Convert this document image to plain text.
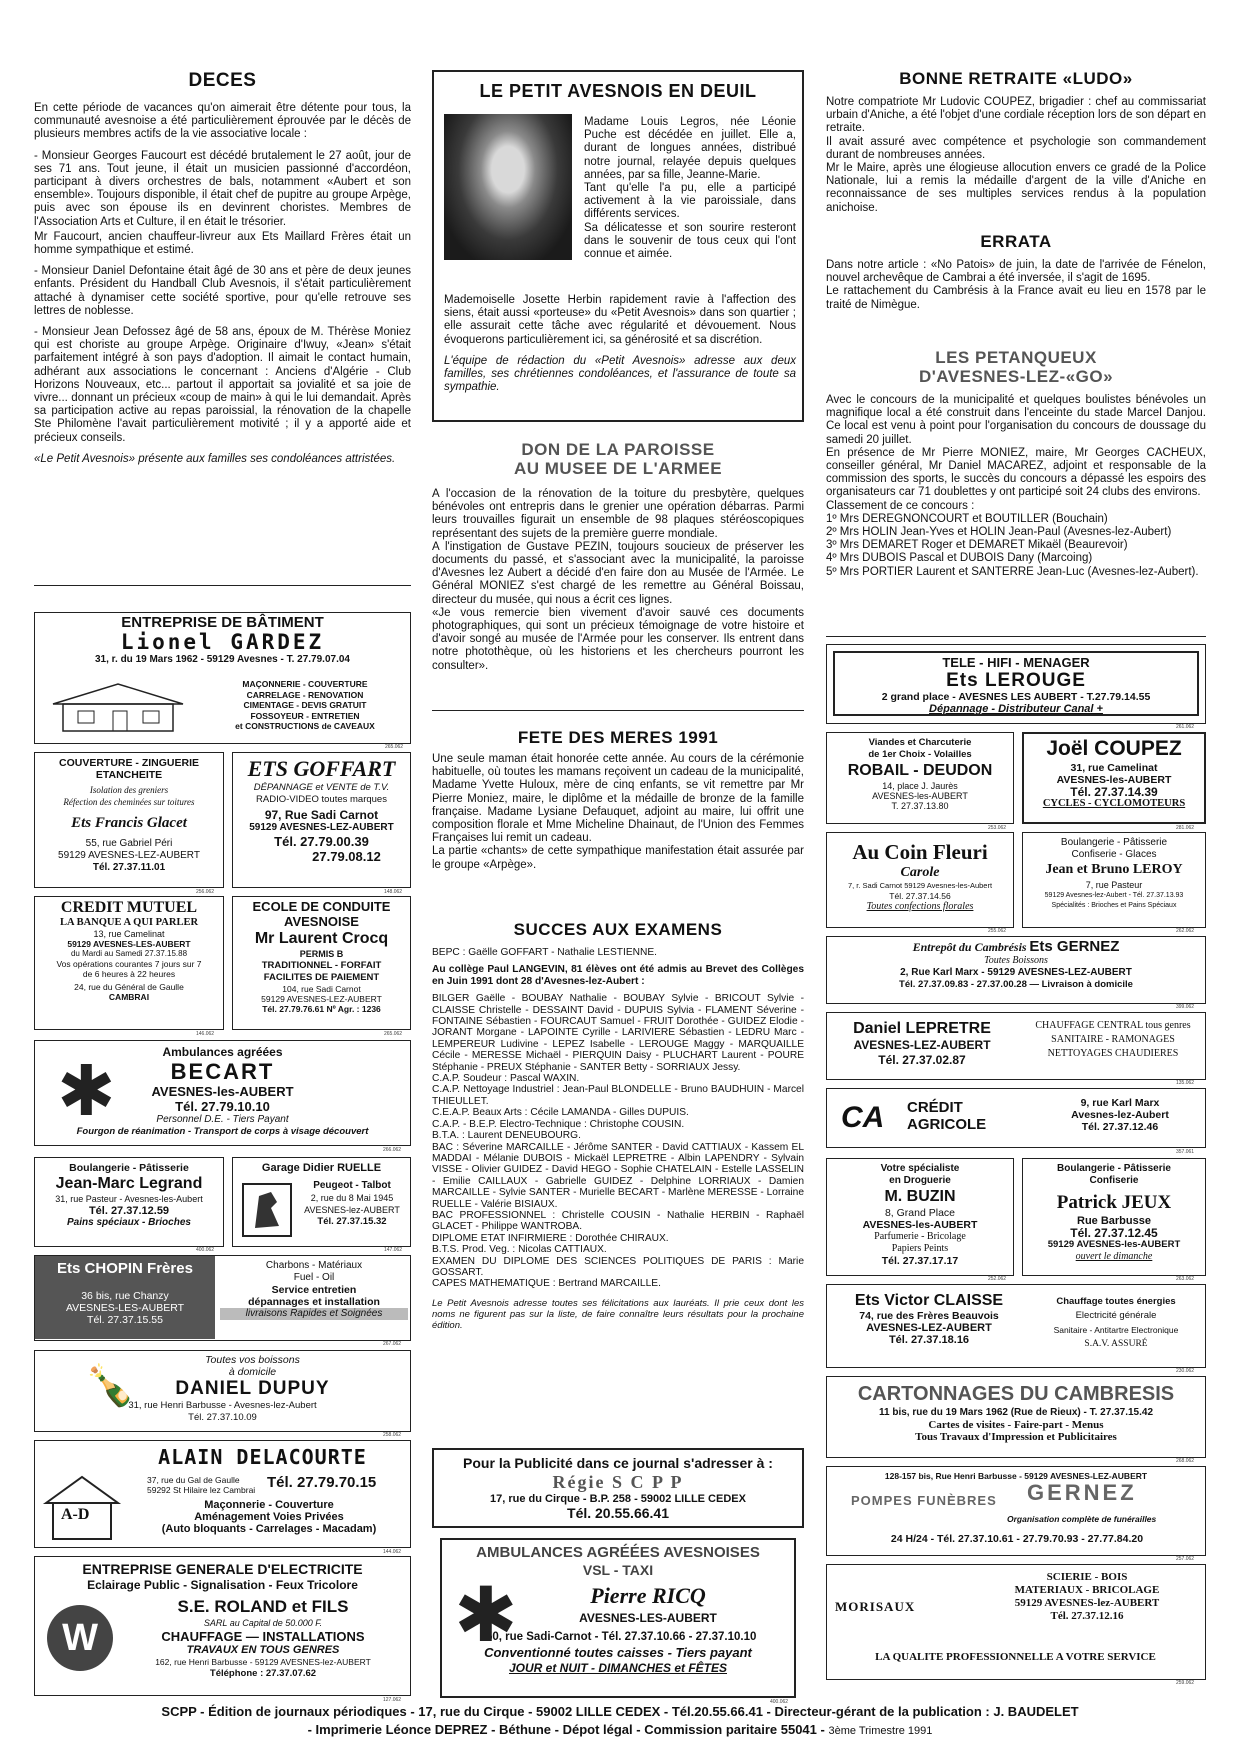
DECES

En cette période de vacances qu'on aimerait être détente pour tous, la communauté avesnoise a été particulièrement éprouvée par le décès de plusieurs membres actifs de la vie associative locale :

- Monsieur Georges Faucourt est décédé brutalement le 27 août, jour de ses 71 ans. Tout jeune, il était un musicien passionné d'accordéon, participant à divers orchestres de bals, notamment «Aubert et son ensemble». Toujours disponible, il était chef de pupitre au groupe Arpège, puis avec son épouse ils en devinrent choristes. Membres de l'Association Arts et Culture, il en était le trésorier.

Mr Faucourt, ancien chauffeur-livreur aux Ets Maillard Frères était un homme sympathique et estimé.

- Monsieur Daniel Defontaine était âgé de 30 ans et père de deux jeunes enfants. Président du Handball Club Avesnois, il s'était particulièrement attaché à dynamiser cette société sportive, pour qu'elle retrouve ses lettres de noblesse.

- Monsieur Jean Defossez âgé de 58 ans, époux de M. Thérèse Moniez qui est choriste au groupe Arpège. Originaire d'Iwuy, «Jean» s'était parfaitement intégré à son pays d'adoption. Il aimait le contact humain, adhérant aux associations le concernant : Anciens d'Algérie - Club Horizons Nouveaux, etc... partout il apportait sa jovialité et sa joie de vivre... donnant un précieux «coup de main» à qui le lui demandait. Après sa participation active au repas paroissial, la rénovation de la chapelle Ste Philomène l'avait particulièrement motivité ; il y a apporté aide et précieux conseils.

«Le Petit Avesnois» présente aux familles ses condoléances attristées.

ENTREPRISE DE BÂTIMENT
Lionel GARDEZ
31, r. du 19 Mars 1962 - 59129 Avesnes - T. 27.79.07.04
MAÇONNERIE - COUVERTURE
CARRELAGE - RENOVATION
CIMENTAGE - DEVIS GRATUIT
FOSSOYEUR - ENTRETIEN
et CONSTRUCTIONS de CAVEAUX
265.062
COUVERTURE - ZINGUERIE
ETANCHEITE
Isolation des greniers
Réfection des cheminées sur toitures
Ets Francis Glacet
55, rue Gabriel Péri
59129 AVESNES-LEZ-AUBERT
Tél. 27.37.11.01
256.062
ETS GOFFART
DÉPANNAGE et VENTE de T.V.
RADIO-VIDEO toutes marques
97, Rue Sadi Carnot
59129 AVESNES-LEZ-AUBERT
Tél. 27.79.00.39
27.79.08.12
148.062
CREDIT MUTUEL
LA BANQUE A QUI PARLER
13, rue Camelinat
59129 AVESNES-LES-AUBERT
du Mardi au Samedi 27.37.15.88
Vos opérations courantes 7 jours sur 7
de 6 heures à 22 heures
24, rue du Général de Gaulle
CAMBRAI
146.062
ECOLE DE CONDUITE
AVESNOISE
Mr Laurent Crocq
PERMIS B
TRADITIONNEL - FORFAIT
FACILITES DE PAIEMENT
104, rue Sadi Carnot
59129 AVESNES-LEZ-AUBERT
Tél. 27.79.76.61 Nº Agr. : 1236
265.062
✱	Ambulances agréées
BECART
AVESNES-les-AUBERT
Tél. 27.79.10.10
Personnel D.E. - Tiers Payant
Fourgon de réanimation - Transport de corps à visage découvert
266.062
Boulangerie - Pâtisserie
Jean-Marc Legrand
31, rue Pasteur - Avesnes-les-Aubert
Tél. 27.37.12.59
Pains spéciaux - Brioches
400.062
Garage Didier RUELLE
Peugeot - Talbot
2, rue du 8 Mai 1945
AVESNES-lez-AUBERT
Tél. 27.37.15.32
147.062
Ets CHOPIN Frères
36 bis, rue Chanzy
AVESNES-LES-AUBERT
Tél. 27.37.15.55
Charbons - Matériaux
Fuel - Oil
Service entretien
dépannages et installation
livraisons Rapides et Soignées
267.062
🍾
Toutes vos boissons
à domicile
DANIEL DUPUY
31, rue Henri Barbusse - Avesnes-lez-Aubert
Tél. 27.37.10.09
258.062
ALAIN DELACOURTE
A-D
37, rue du Gal de Gaulle
59292 St Hilaire lez Cambrai Tél. 27.79.70.15
Maçonnerie - Couverture
Aménagement Voies Privées
(Auto bloquants - Carrelages - Macadam)
144.062
ENTREPRISE GENERALE D'ELECTRICITE
Eclairage Public - Signalisation - Feux Tricolore
W
S.E. ROLAND et FILS
SARL au Capital de 50.000 F.
CHAUFFAGE — INSTALLATIONS
TRAVAUX EN TOUS GENRES
162, rue Henri Barbusse - 59129 AVESNES-lez-AUBERT
Téléphone : 27.37.07.62
127.062
LE PETIT AVESNOIS EN DEUIL

Madame Louis Legros, née Léonie Puche est décédée en juillet. Elle a, durant de longues années, distribué notre journal, relayée depuis quelques années, par sa fille, Jeanne-Marie.

Tant qu'elle l'a pu, elle a participé activement à la vie paroissiale, dans différents services.

Sa délicatesse et son sourire resteront dans le souvenir de tous ceux qui l'ont connue et aimée.

Mademoiselle Josette Herbin rapidement ravie à l'affection des siens, était aussi «porteuse» du «Petit Avesnois» dans son quartier ; elle assurait cette tâche avec régularité et dévouement. Nous évoquerons particulièrement ici, sa générosité et sa discrétion.

L'équipe de rédaction du «Petit Avesnois» adresse aux deux familles, ses chrétiennes condoléances, et l'assurance de toute sa sympathie.

DON DE LA PAROISSE
AU MUSEE DE L'ARMEE

A l'occasion de la rénovation de la toiture du presbytère, quelques bénévoles ont entrepris dans le grenier une opération débarras. Parmi leurs trouvailles figurait un ensemble de 98 plaques stéréoscopiques représentant des sujets de la première guerre mondiale.

A l'instigation de Gustave PEZIN, toujours soucieux de préserver les documents du passé, et s'associant avec la municipalité, la paroisse d'Avesnes lez Aubert a décidé d'en faire don au Musée de l'Armée. Le Général MONIEZ s'est chargé de les remettre au Général Boissau, directeur du musée, qui nous a écrit ces lignes.

«Je vous remercie bien vivement d'avoir sauvé ces documents photographiques, qui sont un précieux témoignage de votre histoire et d'avoir songé au musée de l'Armée pour les conserver. Ils entrent dans notre photothèque, où les historiens et les chercheurs pourront les consulter».

FETE DES MERES 1991

Une seule maman était honorée cette année. Au cours de la cérémonie habituelle, où toutes les mamans reçoivent un cadeau de la municipalité, Madame Yvette Huloux, mère de cinq enfants, se vit remettre par Mr Pierre Moniez, maire, le diplôme et la médaille de bronze de la famille française. Madame Lysiane Defauquet, adjoint au maire, lui offrit une composition florale et Mme Micheline Dhainaut, de l'Union des Femmes Françaises lui remit un cadeau.

La partie «chants» de cette sympathique manifestation était assurée par le groupe «Arpège».

SUCCES AUX EXAMENS

BEPC : Gaëlle GOFFART - Nathalie LESTIENNE.

Au collège Paul LANGEVIN, 81 élèves ont été admis au Brevet des Collèges en Juin 1991 dont 28 d'Avesnes-lez-Aubert :

BILGER Gaëlle - BOUBAY Nathalie - BOUBAY Sylvie - BRICOUT Sylvie - CLAISSE Christelle - DESSAINT David - DUPUIS Sylvia - FLAMENT Séverine - FONTAINE Sébastien - FOURCAUT Samuel - FRUIT Dorothée - GUIDEZ Elodie - JORANT Morgane - LAPOINTE Cyrille - LARIVIERE Sébastien - LEDRU Marc - LEMPEREUR Ludivine - LEPEZ Isabelle - LEROUGE Maggy - MARQUAILLE Cécile - MERESSE Michaël - PIERQUIN Daisy - PLUCHART Laurent - POURE Stéphanie - PREUX Stéphanie - SANTER Betty - SORRIAUX Jessy.

C.A.P. Soudeur : Pascal WAXIN.
C.A.P. Nettoyage Industriel : Jean-Paul BLONDELLE - Bruno BAUDHUIN - Marcel THIEULLET.
C.E.A.P. Beaux Arts : Cécile LAMANDA - Gilles DUPUIS.
C.A.P. - B.E.P. Electro-Technique : Christophe COUSIN.
B.T.A. : Laurent DENEUBOURG.
BAC : Séverine MARCAILLE - Jérôme SANTER - David CATTIAUX - Kassem EL MADDAI - Mélanie DUBOIS - Mickaël LEPRETRE - Albin LAPENDRY - Sylvain VISSE - Olivier GUIDEZ - David HEGO - Sophie CHATELAIN - Estelle LASSELIN - Emilie CAILLAUX - Gabrielle GUIDEZ - Delphine LORRIAUX - Damien MARCAILLE - Sylvie SANTER - Murielle BECART - Marlène MERESSE - Lorraine RUELLE - Valérie BISIAUX.
BAC PROFESSIONNEL : Christelle COUSIN - Nathalie HERBIN - Raphaël GLACET - Philippe WANTROBA.
DIPLOME ETAT INFIRMIERE : Dorothée CHIRAUX.
B.T.S. Prod. Veg. : Nicolas CATTIAUX.
EXAMEN DU DIPLOME DES SCIENCES POLITIQUES DE PARIS : Marie GOSSART.
CAPES MATHEMATIQUE : Bertrand MARCAILLE.

Le Petit Avesnois adresse toutes ses félicitations aux lauréats. Il prie ceux dont les noms ne figurent pas sur la liste, de faire connaître leurs résultats pour la prochaine édition.

Pour la Publicité dans ce journal s'adresser à :
Régie S C P P
17, rue du Cirque - B.P. 258 - 59002 LILLE CEDEX
Tél. 20.55.66.41
AMBULANCES AGRÉÉES AVESNOISES
VSL - TAXI
✱	Pierre RICQ
AVESNES-LES-AUBERT
150, rue Sadi-Carnot - Tél. 27.37.10.66 - 27.37.10.10
Conventionné toutes caisses - Tiers payant
JOUR et NUIT - DIMANCHES et FÊTES
400.062
BONNE RETRAITE «LUDO»

Notre compatriote Mr Ludovic COUPEZ, brigadier : chef au commissariat urbain d'Aniche, a été l'objet d'une cordiale réception lors de son départ en retraite.

Il avait assuré avec compétence et psychologie son commandement durant de nombreuses années.

Mr le Maire, après une élogieuse allocution envers ce gradé de la Police Nationale, lui a remis la médaille d'argent de la ville d'Aniche en reconnaissance de ses multiples services rendus à la population anichoise.

ERRATA

Dans notre article : «No Patois» de juin, la date de l'arrivée de Fénelon, nouvel archevêque de Cambrai a été inversée, il s'agit de 1695.

Le rattachement du Cambrésis à la France avait eu lieu en 1578 par le traité de Nimègue.

LES PETANQUEUX
D'AVESNES-LEZ-«GO»

Avec le concours de la municipalité et quelques boulistes bénévoles un magnifique local a été construit dans l'enceinte du stade Marcel Danjou. Ce local est venu à point pour l'organisation du concours de doussage du samedi 20 juillet.

En présence de Mr Pierre MONIEZ, maire, Mr Georges CACHEUX, conseiller général, Mr Daniel MACAREZ, adjoint et responsable de la commission des sports, le succès du concours a dépassé les espoirs des organisateurs car 71 doublettes y ont participé soit 24 clubs des environs.

Classement de ce concours :
1º Mrs DEREGNONCOURT et BOUTILLER (Bouchain)
2º Mrs HOLIN Jean-Yves et HOLIN Jean-Paul (Avesnes-lez-Aubert)
3º Mrs DEMARET Roger et DEMARET Mikaël (Beaurevoir)
4º Mrs DUBOIS Pascal et DUBOIS Dany (Marcoing)
5º Mrs PORTIER Laurent et SANTERRE Jean-Luc (Avesnes-lez-Aubert).
TELE - HIFI - MENAGER
Ets LEROUGE
2 grand place - AVESNES LES AUBERT - T.27.79.14.55
Dépannage - Distributeur Canal +
261.062
Viandes et Charcuterie
de 1er Choix - Volailles
ROBAIL - DEUDON
14, place J. Jaurès
AVESNES-les-AUBERT
T. 27.37.13.80
253.062
Joël COUPEZ
31, rue Camelinat
AVESNES-les-AUBERT
Tél. 27.37.14.39
CYCLES - CYCLOMOTEURS
281.062
Au Coin Fleuri
Carole
7, r. Sadi Carnot 59129 Avesnes-les-Aubert
Tél. 27.37.14.56
Toutes confections florales
255.062
Boulangerie - Pâtisserie
Confiserie - Glaces
Jean et Bruno LEROY
7, rue Pasteur
59129 Avesnes-lez-Aubert - Tél. 27.37.13.93
Spécialités : Brioches et Pains Spéciaux
262.062
Entrepôt du Cambrésis Ets GERNEZ
Toutes Boissons
2, Rue Karl Marx - 59129 AVESNES-LEZ-AUBERT
Tél. 27.37.09.83 - 27.37.00.28 — Livraison à domicile
399.062
Daniel LEPRETRE
AVESNES-LEZ-AUBERT
Tél. 27.37.02.87
CHAUFFAGE CENTRAL tous genres
SANITAIRE - RAMONAGES
NETTOYAGES CHAUDIERES
135.062
CA CRÉDIT
AGRICOLE
9, rue Karl Marx
Avesnes-lez-Aubert
Tél. 27.37.12.46
357.061
Votre spécialiste
en Droguerie
M. BUZIN
8, Grand Place
AVESNES-les-AUBERT
Parfumerie - Bricolage
Papiers Peints
Tél. 27.37.17.17
252.062
Boulangerie - Pâtisserie
Confiserie
Patrick JEUX
Rue Barbusse
Tél. 27.37.12.45
59129 AVESNES-les-AUBERT
ouvert le dimanche
263.062
Ets Victor CLAISSE
74, rue des Frères Beauvois
AVESNES-LEZ-AUBERT
Tél. 27.37.18.16
Chauffage toutes énergies
Electricité générale
Sanitaire - Antitartre Electronique
S.A.V. ASSURÉ
230.062
CARTONNAGES DU CAMBRESIS
11 bis, rue du 19 Mars 1962 (Rue de Rieux) - T. 27.37.15.42
Cartes de visites - Faire-part - Menus
Tous Travaux d'Impression et Publicitaires
268.062
128-157 bis, Rue Henri Barbusse - 59129 AVESNES-LEZ-AUBERT
POMPES FUNÈBRES GERNEZ
Organisation complète de funérailles
24 H/24 - Tél. 27.37.10.61 - 27.79.70.93 - 27.77.84.20
257.062
MORISAUX
SCIERIE - BOIS
MATERIAUX - BRICOLAGE
59129 AVESNES-lez-AUBERT
Tél. 27.37.12.16
LA QUALITE PROFESSIONNELLE A VOTRE SERVICE
259.062
SCPP - Édition de journaux périodiques - 17, rue du Cirque - 59002 LILLE CEDEX - Tél.20.55.66.41 - Directeur-gérant de la publication : J. BAUDELET
- Imprimerie Léonce DEPREZ - Béthune - Dépot légal - Commission paritaire 55041 - 3ème Trimestre 1991
